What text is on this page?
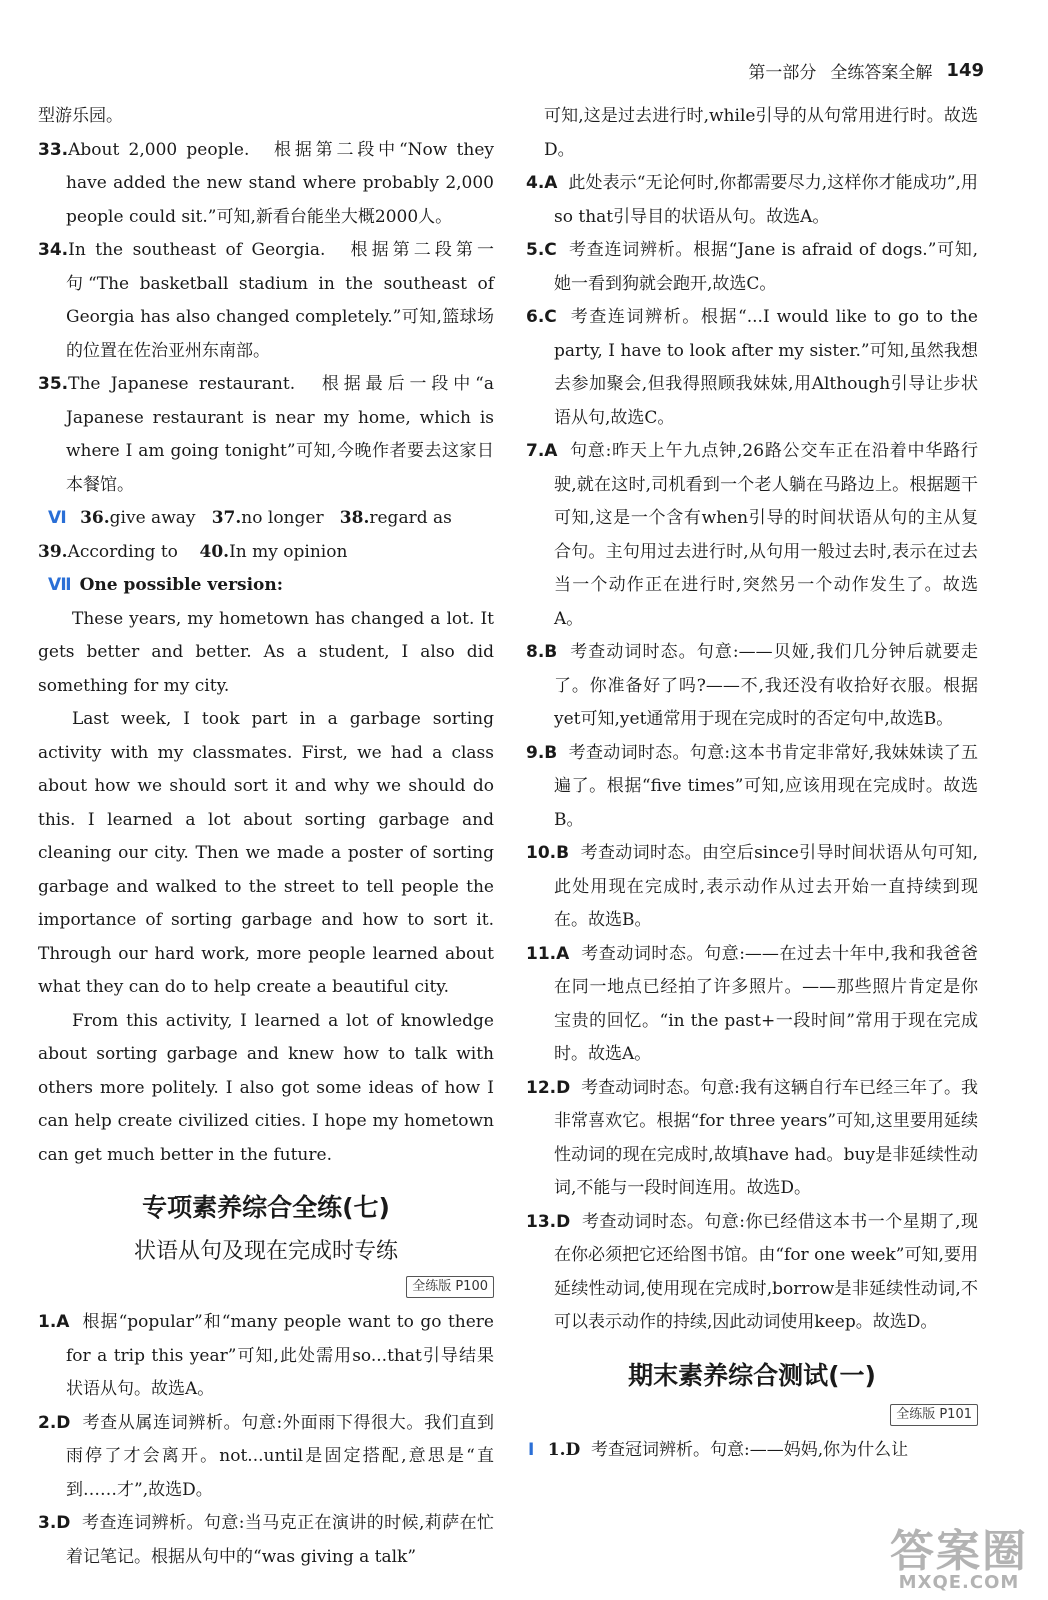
第一部分 全练答案全解 149

型游乐园。

33.About 2,000 people.　根据第二段中“Now they have added the new stand where probably 2,000 people could sit.”可知,新看台能坐大概2000人。

34.In the southeast of Georgia.　根据第二段第一句“The basketball stadium in the southeast of Georgia has also changed completely.”可知,篮球场的位置在佐治亚州东南部。

35.The Japanese restaurant.　根据最后一段中“a Japanese restaurant is near my home, which is where I am going tonight”可知,今晚作者要去这家日本餐馆。

Ⅵ 36.give away 37.no longer 38.regard as

39.According to 40.In my opinion

Ⅶ One possible version:

These years, my hometown has changed a lot. It gets better and better. As a student, I also did something for my city.

Last week, I took part in a garbage sorting activity with my classmates. First, we had a class about how we should sort it and why we should do this. I learned a lot about sorting garbage and cleaning our city. Then we made a poster of sorting garbage and walked to the street to tell people the importance of sorting garbage and how to sort it. Through our hard work, more people learned about what they can do to help create a beautiful city.

From this activity, I learned a lot of knowledge about sorting garbage and knew how to talk with others more politely. I also got some ideas of how I can help create civilized cities. I hope my hometown can get much better in the future.

专项素养综合全练(七)
状语从句及现在完成时专练
全练版 P100

1.A 根据“popular”和“many people want to go there for a trip this year”可知,此处需用so...that引导结果状语从句。故选A。

2.D 考查从属连词辨析。句意:外面雨下得很大。我们直到雨停了才会离开。not...until是固定搭配,意思是“直到……才”,故选D。

3.D 考查连词辨析。句意:当马克正在演讲的时候,莉萨在忙着记笔记。根据从句中的“was giving a talk”

可知,这是过去进行时,while引导的从句常用进行时。故选D。

4.A 此处表示“无论何时,你都需要尽力,这样你才能成功”,用so that引导目的状语从句。故选A。

5.C 考查连词辨析。根据“Jane is afraid of dogs.”可知,她一看到狗就会跑开,故选C。

6.C 考查连词辨析。根据“...I would like to go to the party, I have to look after my sister.”可知,虽然我想去参加聚会,但我得照顾我妹妹,用Although引导让步状语从句,故选C。

7.A 句意:昨天上午九点钟,26路公交车正在沿着中华路行驶,就在这时,司机看到一个老人躺在马路边上。根据题干可知,这是一个含有when引导的时间状语从句的主从复合句。主句用过去进行时,从句用一般过去时,表示在过去当一个动作正在进行时,突然另一个动作发生了。故选A。

8.B 考查动词时态。句意:——贝娅,我们几分钟后就要走了。你准备好了吗?——不,我还没有收拾好衣服。根据yet可知,yet通常用于现在完成时的否定句中,故选B。

9.B 考查动词时态。句意:这本书肯定非常好,我妹妹读了五遍了。根据“five times”可知,应该用现在完成时。故选B。

10.B 考查动词时态。由空后since引导时间状语从句可知,此处用现在完成时,表示动作从过去开始一直持续到现在。故选B。

11.A 考查动词时态。句意:——在过去十年中,我和我爸爸在同一地点已经拍了许多照片。——那些照片肯定是你宝贵的回忆。“in the past+一段时间”常用于现在完成时。故选A。

12.D 考查动词时态。句意:我有这辆自行车已经三年了。我非常喜欢它。根据“for three years”可知,这里要用延续性动词的现在完成时,故填have had。buy是非延续性动词,不能与一段时间连用。故选D。

13.D 考查动词时态。句意:你已经借这本书一个星期了,现在你必须把它还给图书馆。由“for one week”可知,要用延续性动词,使用现在完成时,borrow是非延续性动词,不可以表示动作的持续,因此动词使用keep。故选D。

期末素养综合测试(一)
全练版 P101

Ⅰ 1.D 考查冠词辨析。句意:——妈妈,你为什么让

答案圈
MXQE.COM
